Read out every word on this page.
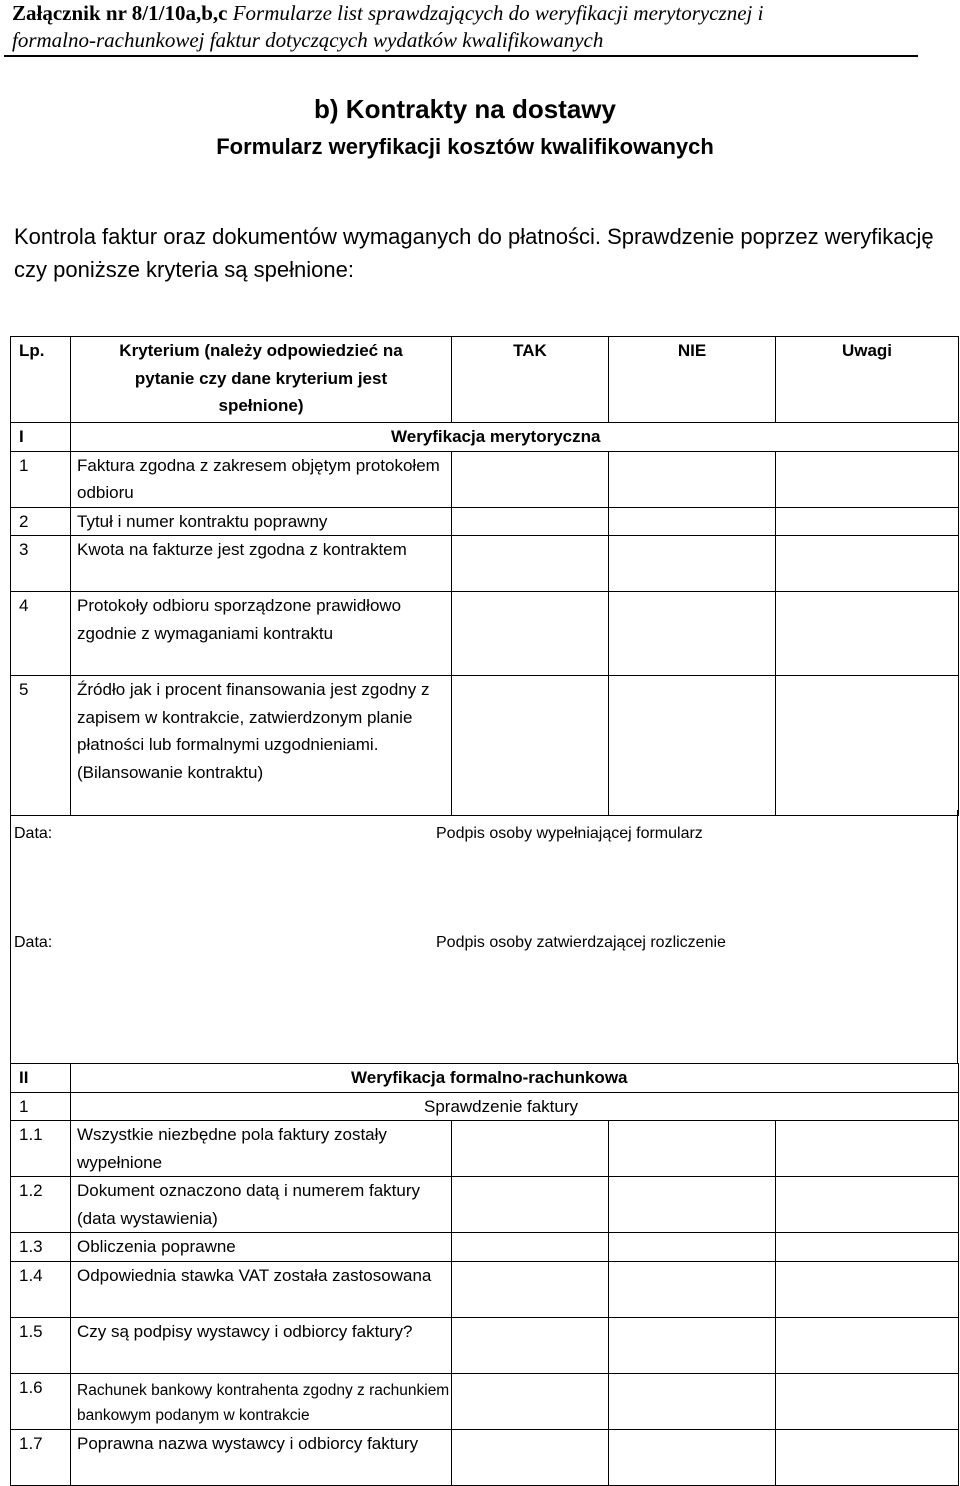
Załącznik nr 8/1/10a,b,c Formularze list sprawdzających do weryfikacji merytorycznej i
formalno-rachunkowej faktur dotyczących wydatków kwalifikowanych
b) Kontrakty na dostawy
Formularz weryfikacji kosztów kwalifikowanych
Kontrola faktur oraz dokumentów wymaganych do płatności. Sprawdzenie poprzez weryfikację czy poniższe kryteria są spełnione:
Lp.	Kryterium (należy odpowiedzieć na pytanie czy dane kryterium jest spełnione)	TAK	NIE	Uwagi
I	Weryfikacja merytoryczna			
1	Faktura zgodna z zakresem objętym protokołem odbioru			
2	Tytuł i numer kontraktu poprawny			
3	Kwota na fakturze jest zgodna z kontraktem			
4	Protokoły odbioru sporządzone prawidłowo zgodnie z wymaganiami kontraktu			
5	Źródło jak i procent finansowania jest zgodny z zapisem w kontrakcie, zatwierdzonym planie płatności lub formalnymi uzgodnieniami. (Bilansowanie kontraktu)			
Data:	Podpis osoby wypełniającej formularz
Data:	Podpis osoby zatwierdzającej rozliczenie
II	Weryfikacja formalno-rachunkowa			
1	Sprawdzenie faktury			
1.1	Wszystkie niezbędne pola faktury zostały wypełnione			
1.2	Dokument oznaczono datą i numerem faktury (data wystawienia)			
1.3	Obliczenia poprawne			
1.4	Odpowiednia stawka VAT została zastosowana			
1.5	Czy są podpisy wystawcy i odbiorcy faktury?			
1.6	Rachunek bankowy kontrahenta zgodny z rachunkiem bankowym podanym w kontrakcie			
1.7	Poprawna nazwa wystawcy i odbiorcy faktury			
